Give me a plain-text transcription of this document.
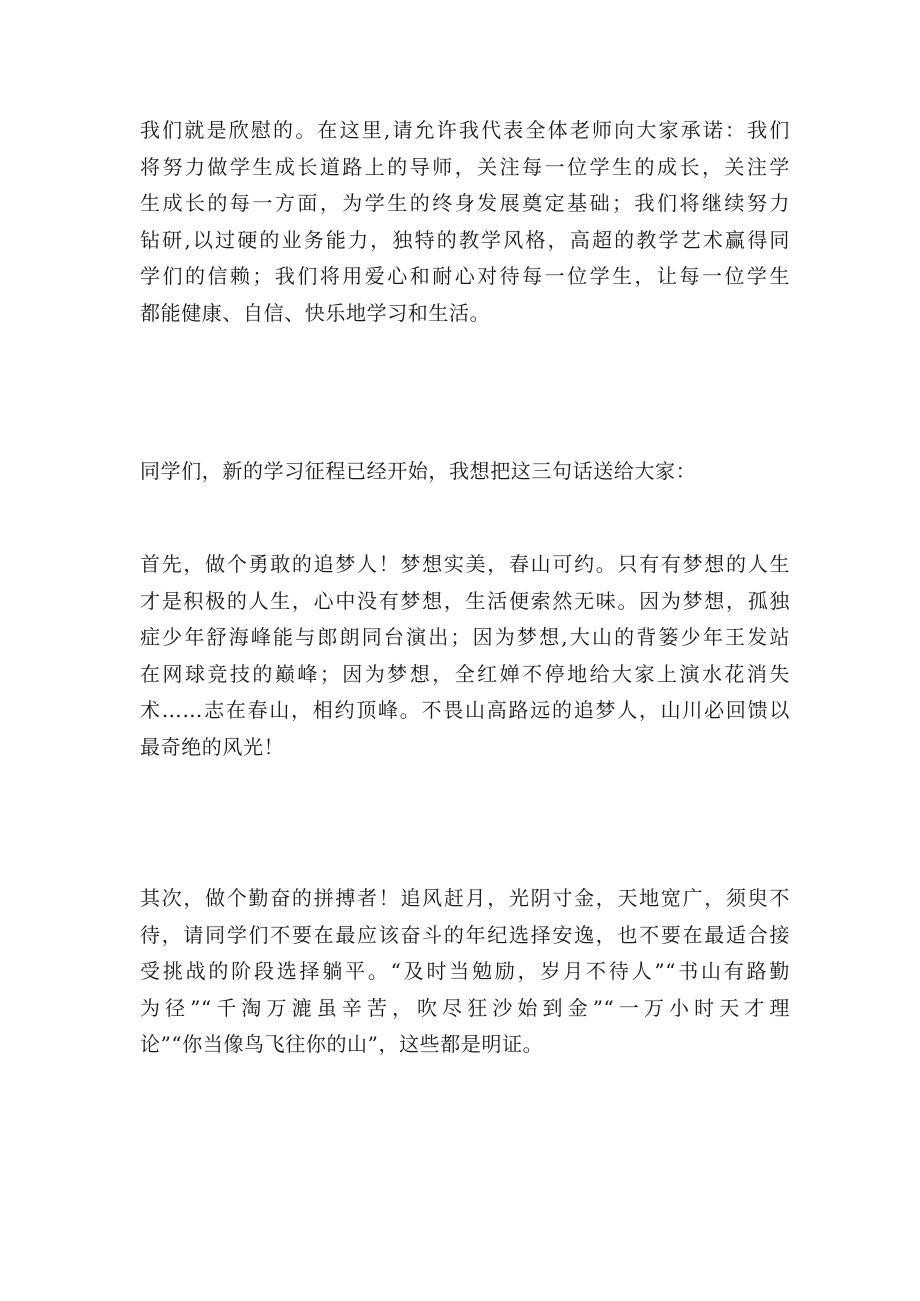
我们就是欣慰的。在这里,请允许我代表全体老师向大家承诺：我们
将努力做学生成长道路上的导师，关注每一位学生的成长，关注学
生成长的每一方面，为学生的终身发展奠定基础；我们将继续努力
钻研,以过硬的业务能力，独特的教学风格，高超的教学艺术赢得同
学们的信赖；我们将用爱心和耐心对待每一位学生，让每一位学生
都能健康、自信、快乐地学习和生活。
同学们，新的学习征程已经开始，我想把这三句话送给大家：
首先，做个勇敢的追梦人！梦想实美，春山可约。只有有梦想的人生
才是积极的人生，心中没有梦想，生活便索然无味。因为梦想，孤独
症少年舒海峰能与郎朗同台演出；因为梦想,大山的背篓少年王发站
在网球竞技的巅峰；因为梦想，全红婵不停地给大家上演水花消失
术……志在春山，相约顶峰。不畏山高路远的追梦人，山川必回馈以
最奇绝的风光！
其次，做个勤奋的拼搏者！追风赶月，光阴寸金，天地宽广，须臾不
待，请同学们不要在最应该奋斗的年纪选择安逸，也不要在最适合接
受挑战的阶段选择躺平。“及时当勉励，岁月不待人”“书山有路勤
为径”“千淘万漉虽辛苦，吹尽狂沙始到金”“一万小时天才理
论”“你当像鸟飞往你的山”，这些都是明证。
